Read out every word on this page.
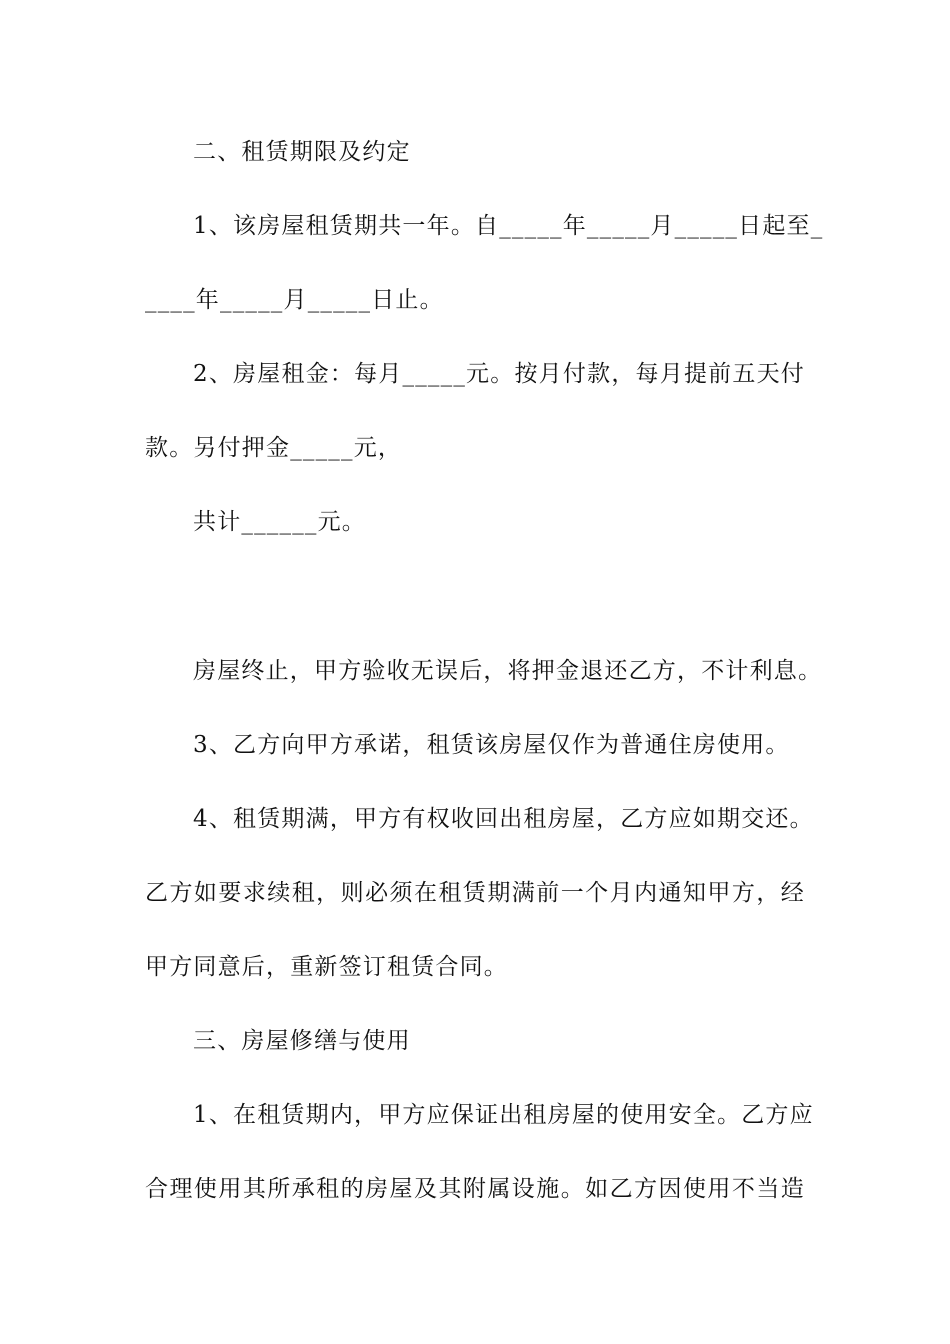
二、租赁期限及约定
1、该房屋租赁期共一年。自_____年_____月_____日起至_
____年_____月_____日止。
2、房屋租金：每月_____元。按月付款，每月提前五天付
款。另付押金_____元，
共计______元。
房屋终止，甲方验收无误后，将押金退还乙方，不计利息。
3、乙方向甲方承诺，租赁该房屋仅作为普通住房使用。
4、租赁期满，甲方有权收回出租房屋，乙方应如期交还。
乙方如要求续租，则必须在租赁期满前一个月内通知甲方，经
甲方同意后，重新签订租赁合同。
三、房屋修缮与使用
1、在租赁期内，甲方应保证出租房屋的使用安全。乙方应
合理使用其所承租的房屋及其附属设施。如乙方因使用不当造
